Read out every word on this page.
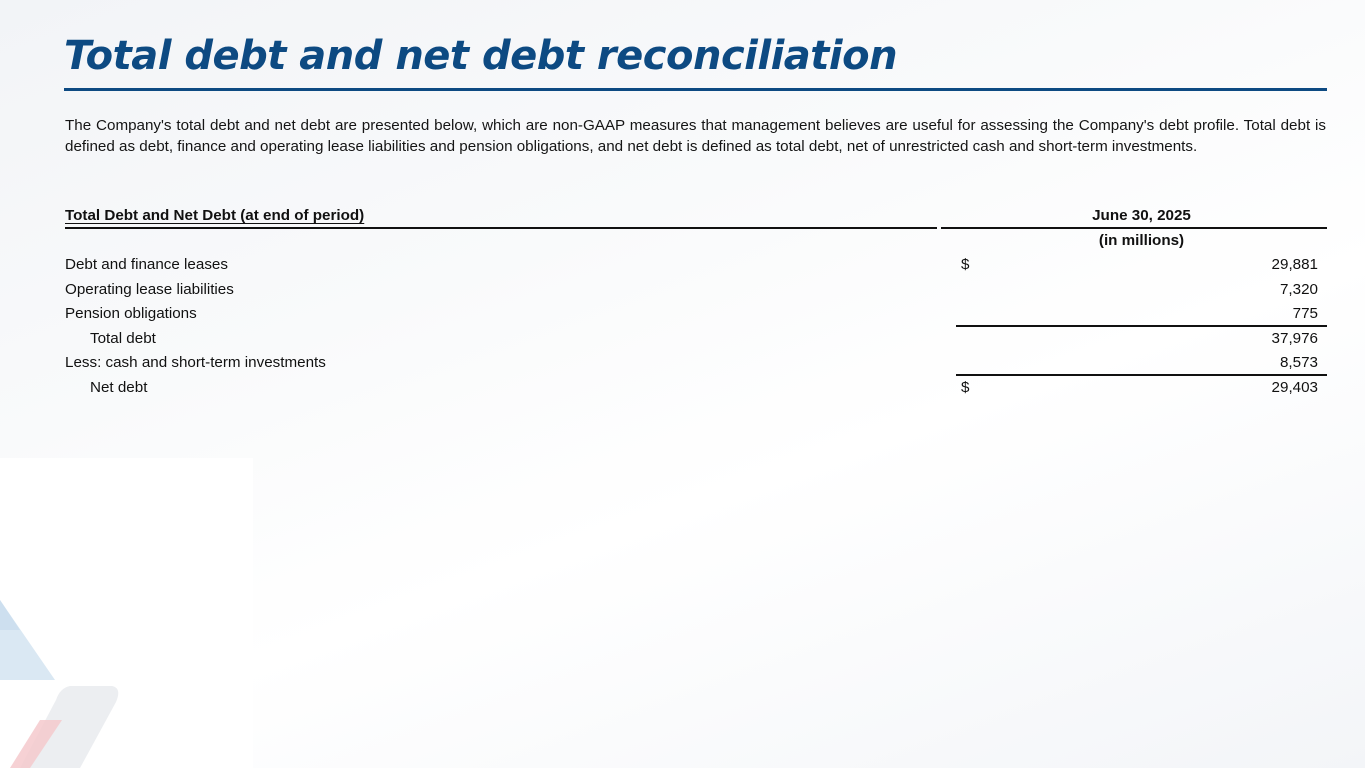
Total debt and net debt reconciliation

The Company's total debt and net debt are presented below, which are non-GAAP measures that management believes are useful for assessing the Company's debt profile. Total debt is defined as debt, finance and operating lease liabilities and pension obligations, and net debt is defined as total debt, net of unrestricted cash and short-term investments.

Total Debt and Net Debt (at end of period)	June 30, 2025
(in millions)
Debt and finance leases	$	29,881
Operating lease liabilities	7,320
Pension obligations	775
Total debt	37,976
Less: cash and short-term investments	8,573
Net debt	$	29,403
